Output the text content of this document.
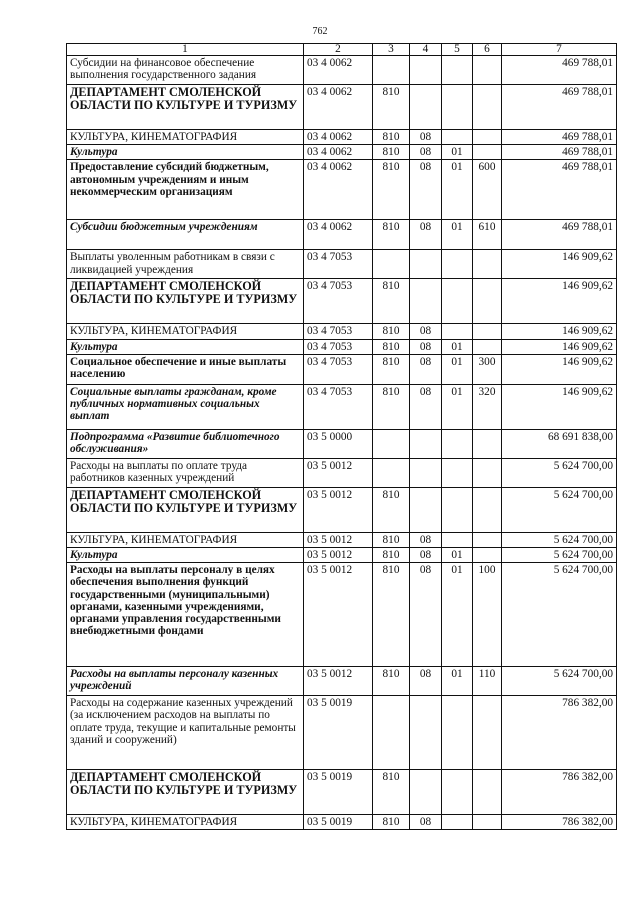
762
1	2	3	4	5	6	7
Субсидии на финансовое обеспечение выполнения государственного задания	03 4 0062					469 788,01
ДЕПАРТАМЕНТ СМОЛЕНСКОЙ ОБЛАСТИ ПО КУЛЬТУРЕ И ТУРИЗМУ	03 4 0062	810				469 788,01
КУЛЬТУРА, КИНЕМАТОГРАФИЯ	03 4 0062	810	08			469 788,01
Культура	03 4 0062	810	08	01		469 788,01
Предоставление субсидий бюджетным, автономным учреждениям и иным некоммерческим организациям	03 4 0062	810	08	01	600	469 788,01
Субсидии бюджетным учреждениям	03 4 0062	810	08	01	610	469 788,01
Выплаты уволенным работникам в связи с ликвидацией учреждения	03 4 7053					146 909,62
ДЕПАРТАМЕНТ СМОЛЕНСКОЙ ОБЛАСТИ ПО КУЛЬТУРЕ И ТУРИЗМУ	03 4 7053	810				146 909,62
КУЛЬТУРА, КИНЕМАТОГРАФИЯ	03 4 7053	810	08			146 909,62
Культура	03 4 7053	810	08	01		146 909,62
Социальное обеспечение и иные выплаты населению	03 4 7053	810	08	01	300	146 909,62
Социальные выплаты гражданам, кроме публичных нормативных социальных выплат	03 4 7053	810	08	01	320	146 909,62
Подпрограмма «Развитие библиотечного обслуживания»	03 5 0000					68 691 838,00
Расходы на выплаты по оплате труда работников казенных учреждений	03 5 0012					5 624 700,00
ДЕПАРТАМЕНТ СМОЛЕНСКОЙ ОБЛАСТИ ПО КУЛЬТУРЕ И ТУРИЗМУ	03 5 0012	810				5 624 700,00
КУЛЬТУРА, КИНЕМАТОГРАФИЯ	03 5 0012	810	08			5 624 700,00
Культура	03 5 0012	810	08	01		5 624 700,00
Расходы на выплаты персоналу в целях обеспечения выполнения функций государственными (муниципальными) органами, казенными учреждениями, органами управления государственными внебюджетными фондами	03 5 0012	810	08	01	100	5 624 700,00
Расходы на выплаты персоналу казенных учреждений	03 5 0012	810	08	01	110	5 624 700,00
Расходы на содержание казенных учреждений (за исключением расходов на выплаты по оплате труда, текущие и капитальные ремонты зданий и сооружений)	03 5 0019					786 382,00
ДЕПАРТАМЕНТ СМОЛЕНСКОЙ ОБЛАСТИ ПО КУЛЬТУРЕ И ТУРИЗМУ	03 5 0019	810				786 382,00
КУЛЬТУРА, КИНЕМАТОГРАФИЯ	03 5 0019	810	08			786 382,00
